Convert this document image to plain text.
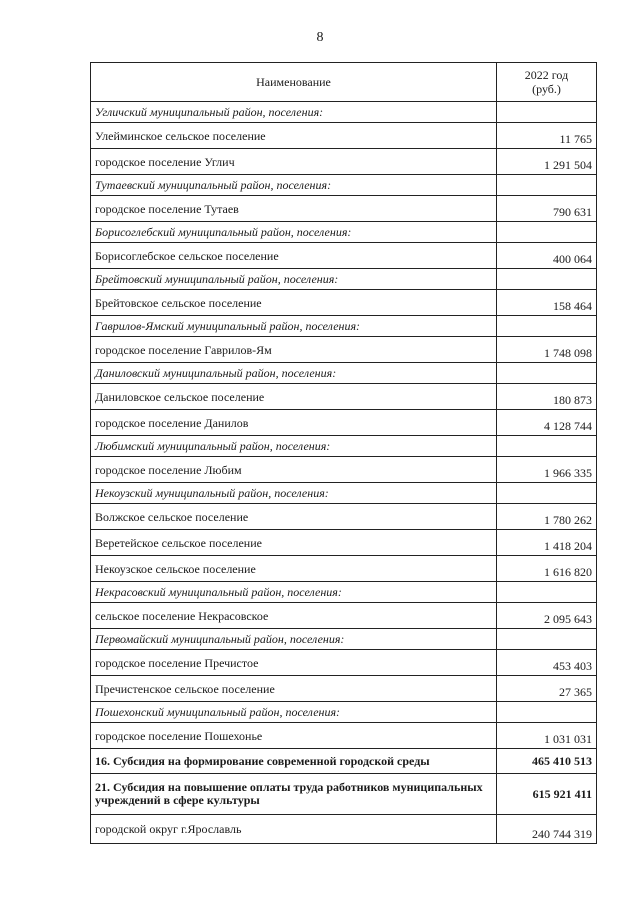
8
Наименование	2022 год
(руб.)
Угличский муниципальный район, поселения:	
Улейминское сельское поселение	11 765
городское поселение Углич	1 291 504
Тутаевский муниципальный район, поселения:	
городское поселение Тутаев	790 631
Борисоглебский муниципальный район, поселения:	
Борисоглебское сельское поселение	400 064
Брейтовский муниципальный район, поселения:	
Брейтовское сельское поселение	158 464
Гаврилов-Ямский муниципальный район, поселения:	
городское поселение Гаврилов-Ям	1 748 098
Даниловский муниципальный район, поселения:	
Даниловское сельское поселение	180 873
городское поселение Данилов	4 128 744
Любимский муниципальный район, поселения:	
городское поселение Любим	1 966 335
Некоузский муниципальный район, поселения:	
Волжское сельское поселение	1 780 262
Веретейское сельское поселение	1 418 204
Некоузское сельское поселение	1 616 820
Некрасовский муниципальный район, поселения:	
сельское поселение Некрасовское	2 095 643
Первомайский муниципальный район, поселения:	
городское поселение Пречистое	453 403
Пречистенское сельское поселение	27 365
Пошехонский муниципальный район, поселения:	
городское поселение Пошехонье	1 031 031
16. Субсидия на формирование современной городской среды	465 410 513
21. Субсидия на повышение оплаты труда работников муниципальных учреждений в сфере культуры	615 921 411
городской округ г.Ярославль	240 744 319
